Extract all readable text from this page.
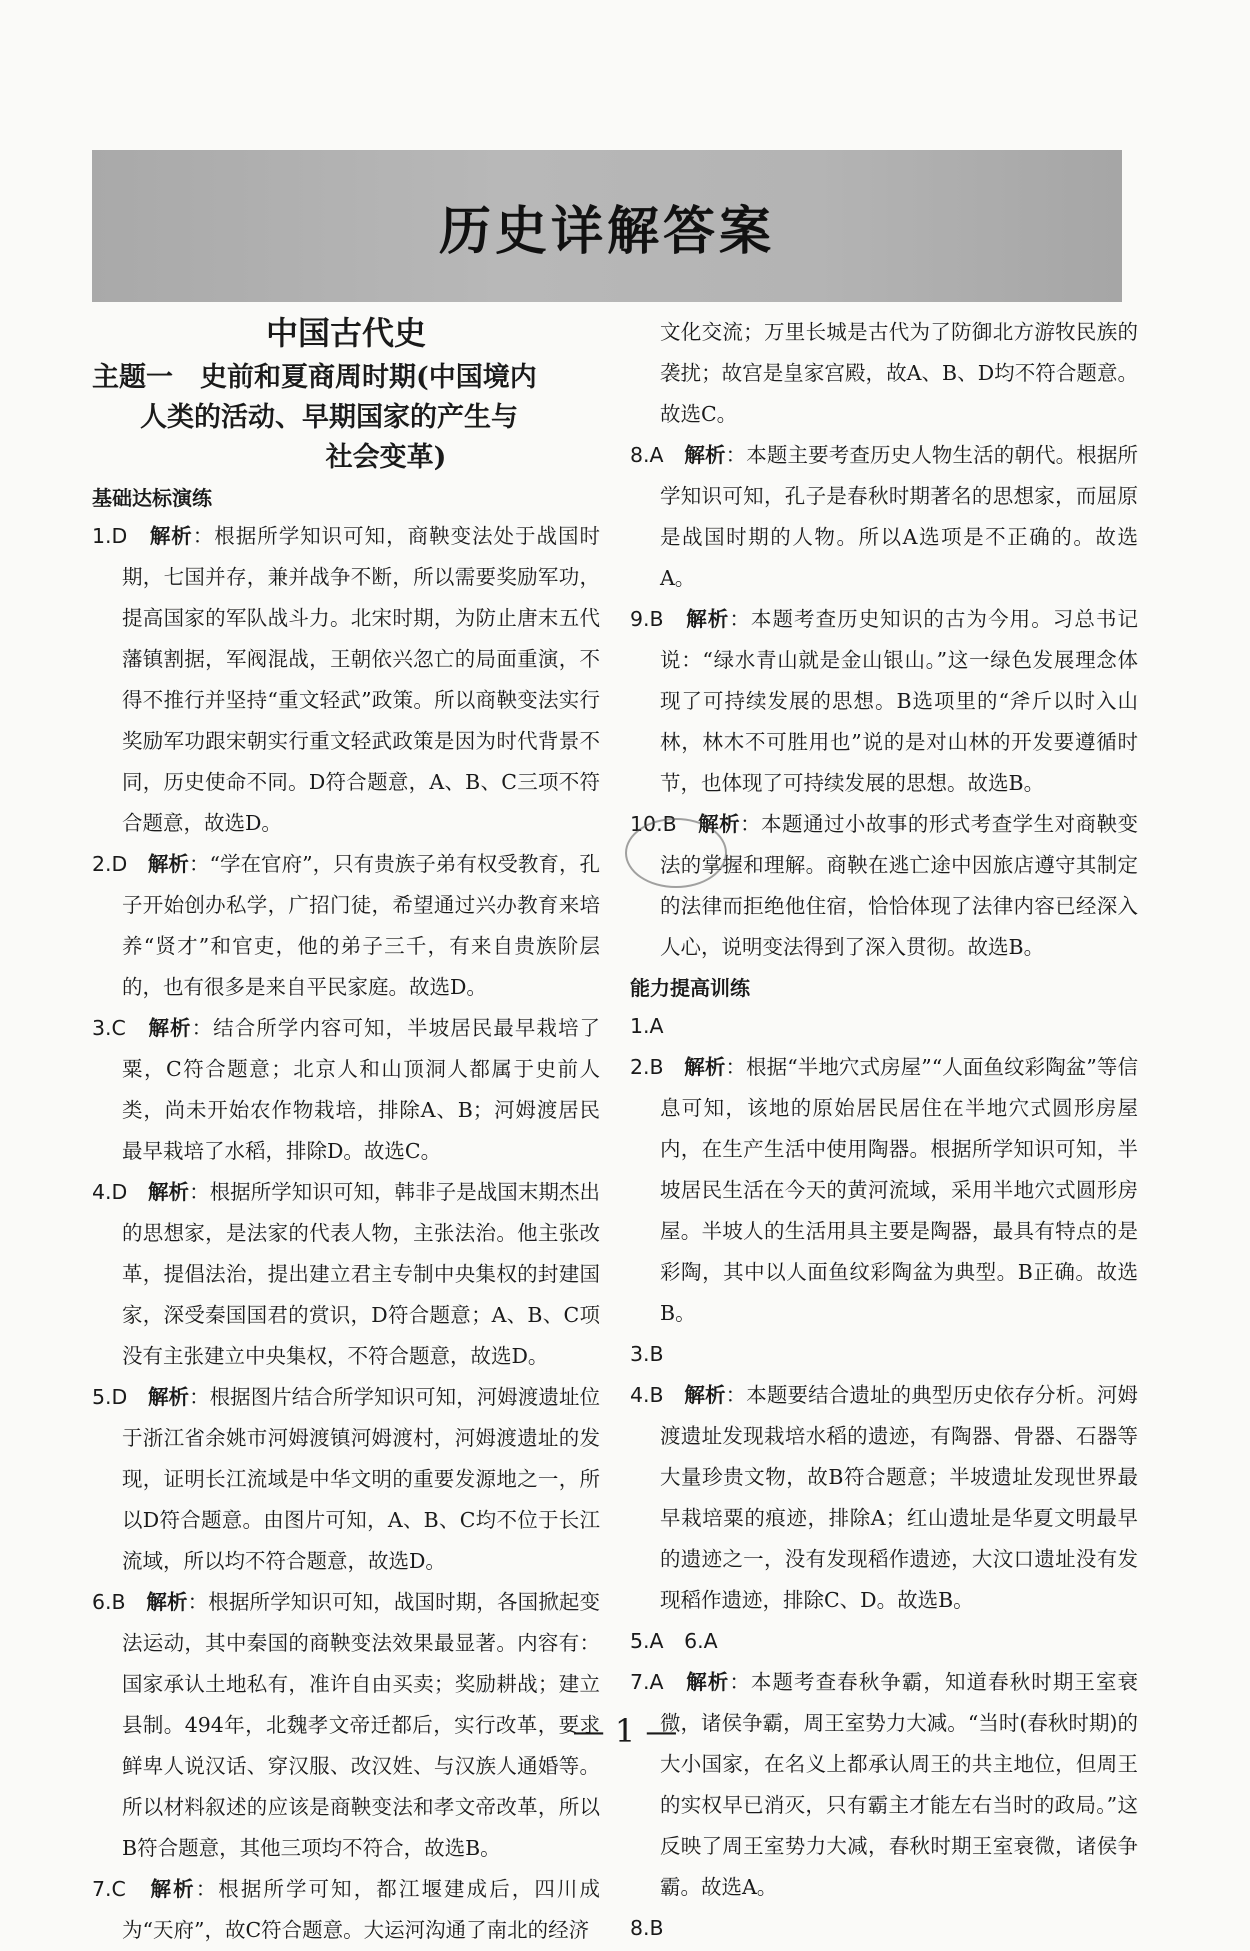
历史详解答案
中国古代史
主题一　史前和夏商周时期(中国境内
人类的活动、早期国家的产生与
社会变革)
基础达标演练

1.D　解析：根据所学知识可知，商鞅变法处于战国时期，七国并存，兼并战争不断，所以需要奖励军功，提高国家的军队战斗力。北宋时期，为防止唐末五代藩镇割据，军阀混战，王朝依兴忽亡的局面重演，不得不推行并坚持“重文轻武”政策。所以商鞅变法实行奖励军功跟宋朝实行重文轻武政策是因为时代背景不同，历史使命不同。D符合题意，A、B、C三项不符合题意，故选D。

2.D　解析：“学在官府”，只有贵族子弟有权受教育，孔子开始创办私学，广招门徒，希望通过兴办教育来培养“贤才”和官吏，他的弟子三千，有来自贵族阶层的，也有很多是来自平民家庭。故选D。

3.C　解析：结合所学内容可知，半坡居民最早栽培了粟，C符合题意；北京人和山顶洞人都属于史前人类，尚未开始农作物栽培，排除A、B；河姆渡居民最早栽培了水稻，排除D。故选C。

4.D　解析：根据所学知识可知，韩非子是战国末期杰出的思想家，是法家的代表人物，主张法治。他主张改革，提倡法治，提出建立君主专制中央集权的封建国家，深受秦国国君的赏识，D符合题意；A、B、C项没有主张建立中央集权，不符合题意，故选D。

5.D　解析：根据图片结合所学知识可知，河姆渡遗址位于浙江省余姚市河姆渡镇河姆渡村，河姆渡遗址的发现，证明长江流域是中华文明的重要发源地之一，所以D符合题意。由图片可知，A、B、C均不位于长江流域，所以均不符合题意，故选D。

6.B　解析：根据所学知识可知，战国时期，各国掀起变法运动，其中秦国的商鞅变法效果最显著。内容有：国家承认土地私有，准许自由买卖；奖励耕战；建立县制。494年，北魏孝文帝迁都后，实行改革，要求鲜卑人说汉话、穿汉服、改汉姓、与汉族人通婚等。所以材料叙述的应该是商鞅变法和孝文帝改革，所以B符合题意，其他三项均不符合，故选B。

7.C　解析：根据所学可知，都江堰建成后，四川成为“天府”，故C符合题意。大运河沟通了南北的经济

文化交流；万里长城是古代为了防御北方游牧民族的袭扰；故宫是皇家宫殿，故A、B、D均不符合题意。故选C。

8.A　解析：本题主要考查历史人物生活的朝代。根据所学知识可知，孔子是春秋时期著名的思想家，而屈原是战国时期的人物。所以A选项是不正确的。故选A。

9.B　解析：本题考查历史知识的古为今用。习总书记说：“绿水青山就是金山银山。”这一绿色发展理念体现了可持续发展的思想。B选项里的“斧斤以时入山林，林木不可胜用也”说的是对山林的开发要遵循时节，也体现了可持续发展的思想。故选B。

10.B　解析：本题通过小故事的形式考查学生对商鞅变法的掌握和理解。商鞅在逃亡途中因旅店遵守其制定的法律而拒绝他住宿，恰恰体现了法律内容已经深入人心，说明变法得到了深入贯彻。故选B。

能力提高训练

1.A

2.B　解析：根据“半地穴式房屋”“人面鱼纹彩陶盆”等信息可知，该地的原始居民居住在半地穴式圆形房屋内，在生产生活中使用陶器。根据所学知识可知，半坡居民生活在今天的黄河流域，采用半地穴式圆形房屋。半坡人的生活用具主要是陶器，最具有特点的是彩陶，其中以人面鱼纹彩陶盆为典型。B正确。故选B。

3.B

4.B　解析：本题要结合遗址的典型历史依存分析。河姆渡遗址发现栽培水稻的遗迹，有陶器、骨器、石器等大量珍贵文物，故B符合题意；半坡遗址发现世界最早栽培粟的痕迹，排除A；红山遗址是华夏文明最早的遗迹之一，没有发现稻作遗迹，大汶口遗址没有发现稻作遗迹，排除C、D。故选B。

5.A　6.A

7.A　解析：本题考查春秋争霸，知道春秋时期王室衰微，诸侯争霸，周王室势力大减。“当时(春秋时期)的大小国家，在名义上都承认周王的共主地位，但周王的实权早已消灭，只有霸主才能左右当时的政局。”这反映了周王室势力大减，春秋时期王室衰微，诸侯争霸。故选A。

8.B

— 1 —
